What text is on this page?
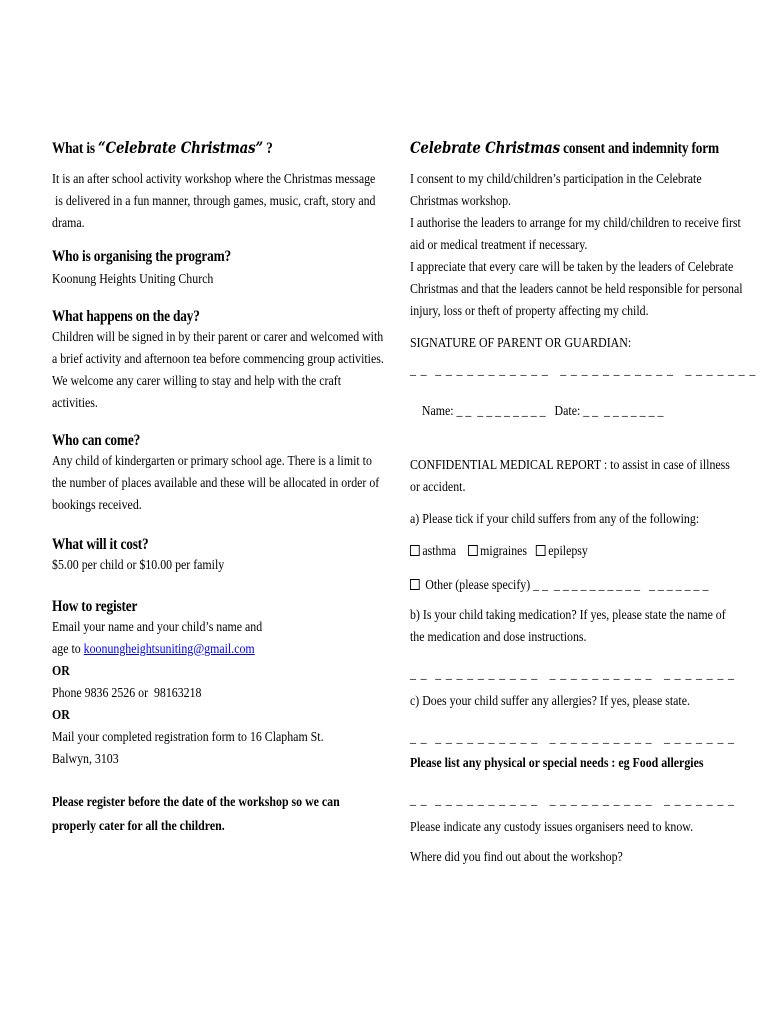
What is “Celebrate Christmas” ?
It is an after school activity workshop where the Christmas message
is delivered in a fun manner, through games, music, craft, story and
drama.
Who is organising the program?
Koonung Heights Uniting Church
What happens on the day?
Children will be signed in by their parent or carer and welcomed with
a brief activity and afternoon tea before commencing group activities.
We welcome any carer willing to stay and help with the craft
activities.
Who can come?
Any child of kindergarten or primary school age. There is a limit to
the number of places available and these will be allocated in order of
bookings received.
What will it cost?
$5.00 per child or $10.00 per family
How to register
Email your name and your child’s name and
age to koonungheightsuniting@gmail.com
OR
Phone 9836 2526 or  98163218
OR
Mail your completed registration form to 16 Clapham St.
Balwyn, 3103
Please register before the date of the workshop so we can
properly cater for all the children.
Celebrate Christmas consent and indemnity form
I consent to my child/children’s participation in the Celebrate
Christmas workshop.
I authorise the leaders to arrange for my child/children to receive first
aid or medical treatment if necessary.
I appreciate that every care will be taken by the leaders of Celebrate
Christmas and that the leaders cannot be held responsible for personal
injury, loss or theft of property affecting my child.
SIGNATURE OF PARENT OR GUARDIAN:
_ _  _ _ _ _ _ _ _ _ _ _ _   _ _ _ _ _ _ _ _ _ _ _   _ _ _ _ _ _ _

Name: _ _  _ _ _ _ _ _ _ _ Date: _ _  _ _ _ _ _ _ _

CONFIDENTIAL MEDICAL REPORT : to assist in case of illness
or accident.
a) Please tick if your child suffers from any of the following:
asthma migraines epilepsy
Other (please specify) _ _  _ _ _ _ _ _ _ _ _ _   _ _ _ _ _ _ _
b) Is your child taking medication? If yes, please state the name of
the medication and dose instructions.
_ _  _ _ _ _ _ _ _ _ _ _   _ _ _ _ _ _ _ _ _ _   _ _ _ _ _ _ _
c) Does your child suffer any allergies? If yes, please state.
_ _  _ _ _ _ _ _ _ _ _ _   _ _ _ _ _ _ _ _ _ _   _ _ _ _ _ _ _
Please list any physical or special needs : eg Food allergies
_ _  _ _ _ _ _ _ _ _ _ _   _ _ _ _ _ _ _ _ _ _   _ _ _ _ _ _ _
Please indicate any custody issues organisers need to know.
Where did you find out about the workshop?
